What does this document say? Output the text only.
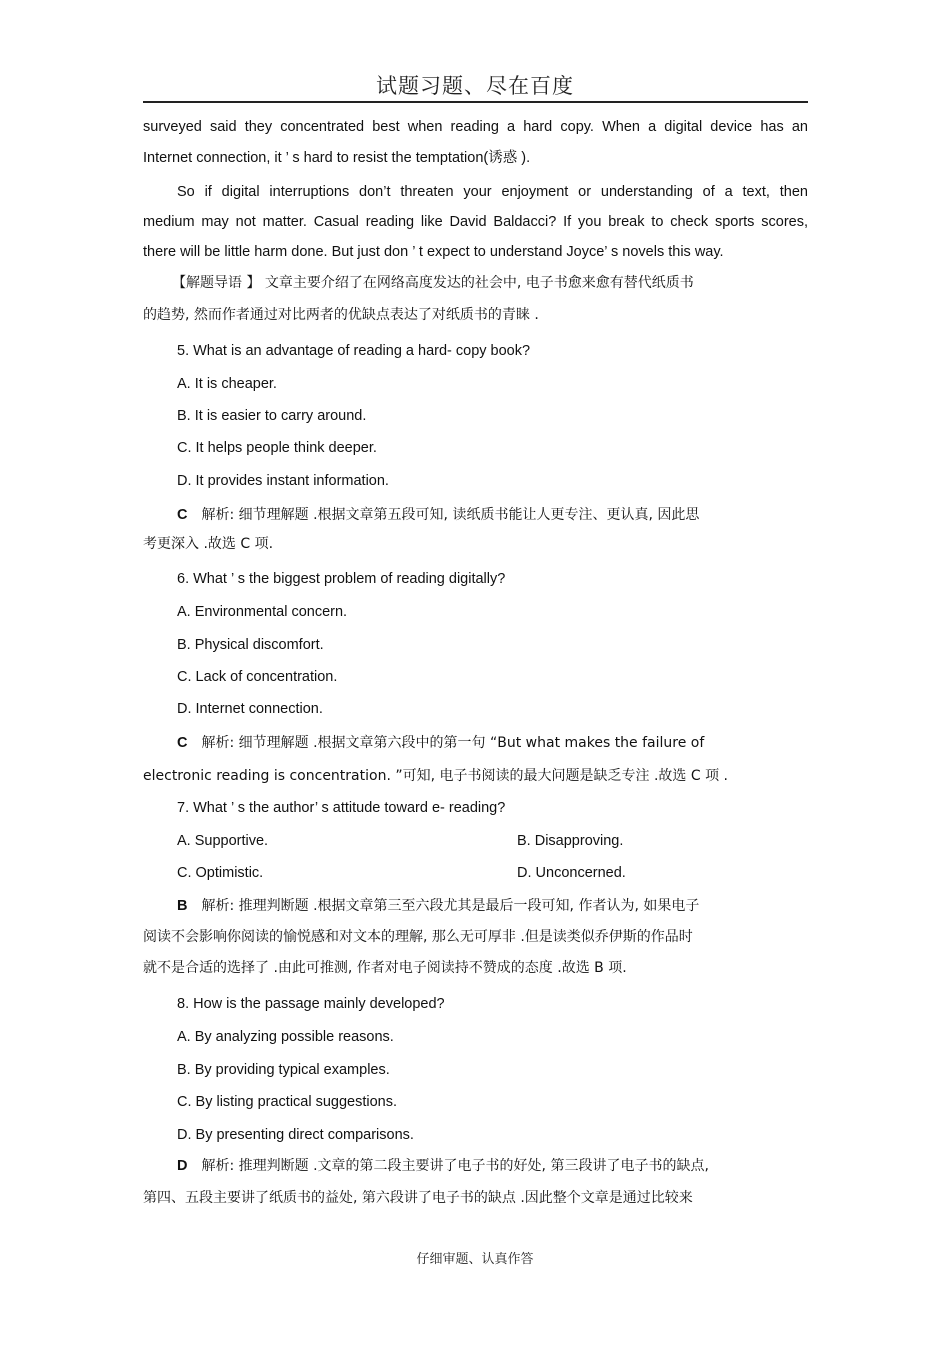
试题习题、尽在百度
surveyed said they concentrated best when reading a hard copy. When a digital device has an
Internet connection, it ’ s hard to resist the temptation(诱惑 ).
So if digital interruptions don’t threaten your enjoyment or understanding of a text, then
medium may not matter. Casual reading like David Baldacci? If you break to check sports scores,
there will be little harm done. But just don ’ t expect to understand Joyce’ s novels this way.
【解题导语 】 文章主要介绍了在网络高度发达的社会中, 电子书愈来愈有替代纸质书
的趋势, 然而作者通过对比两者的优缺点表达了对纸质书的青睐 .
5. What is an advantage of reading a hard- copy book?
A. It is cheaper.
B. It is easier to carry around.
C. It helps people think deeper.
D. It provides instant information.
C 解析: 细节理解题 .根据文章第五段可知, 读纸质书能让人更专注、更认真, 因此思
考更深入 .故选 C 项.
6. What ’ s the biggest problem of reading digitally?
A. Environmental concern.
B. Physical discomfort.
C. Lack of concentration.
D. Internet connection.
C 解析: 细节理解题 .根据文章第六段中的第一句 “But what makes the failure of
electronic reading is concentration. ”可知, 电子书阅读的最大问题是缺乏专注 .故选 C 项 .
7. What ’ s the author’ s attitude toward e- reading?
A. Supportive.	B. Disapproving.
C. Optimistic.	D. Unconcerned.
B 解析: 推理判断题 .根据文章第三至六段尤其是最后一段可知, 作者认为, 如果电子
阅读不会影响你阅读的愉悦感和对文本的理解, 那么无可厚非 .但是读类似乔伊斯的作品时
就不是合适的选择了 .由此可推测, 作者对电子阅读持不赞成的态度 .故选 B 项.
8. How is the passage mainly developed?
A. By analyzing possible reasons.
B. By providing typical examples.
C. By listing practical suggestions.
D. By presenting direct comparisons.
D 解析: 推理判断题 .文章的第二段主要讲了电子书的好处, 第三段讲了电子书的缺点,
第四、五段主要讲了纸质书的益处, 第六段讲了电子书的缺点 .因此整个文章是通过比较来
仔细审题、认真作答
